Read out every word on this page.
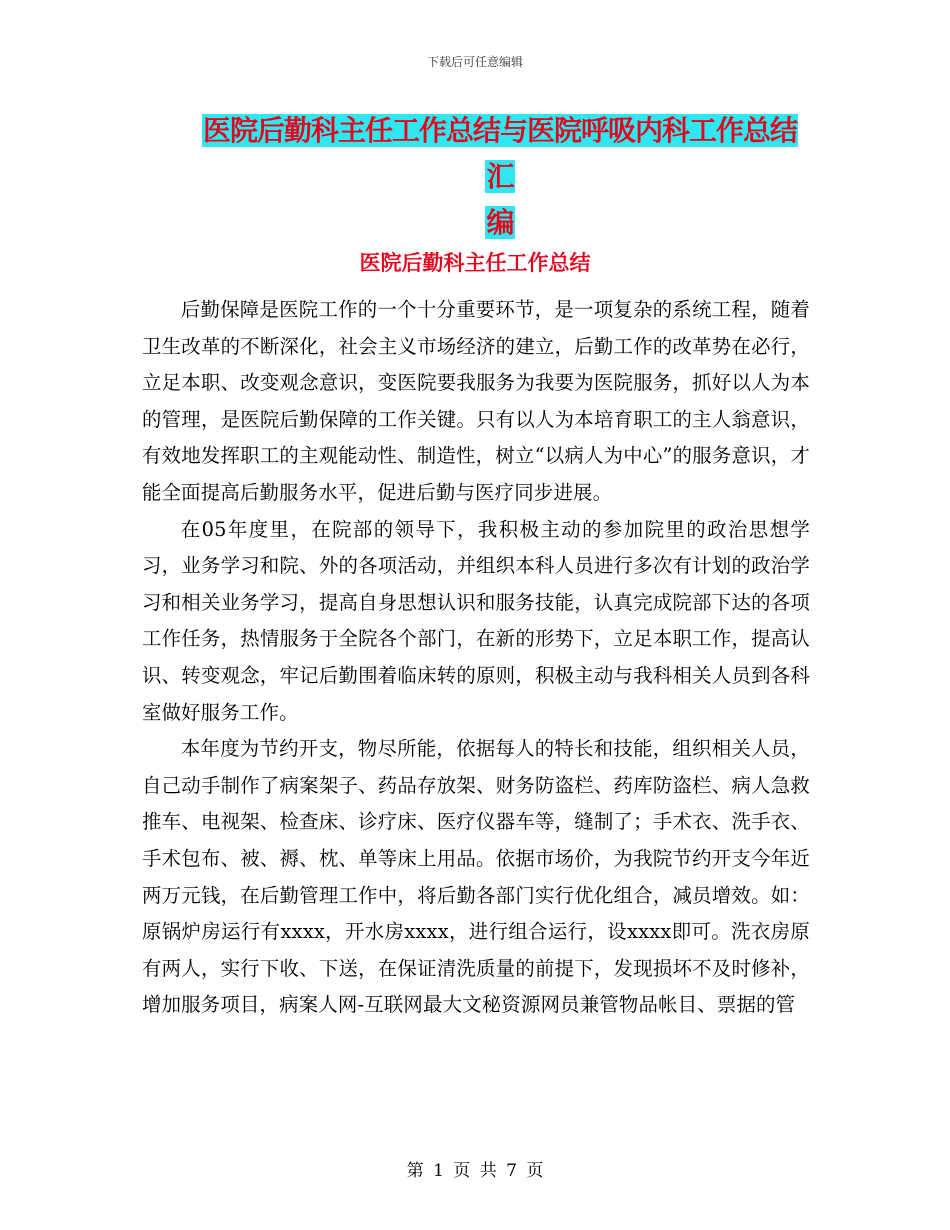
下载后可任意编辑
医院后勤科主任工作总结与医院呼吸内科工作总结汇
编
医院后勤科主任工作总结

后勤保障是医院工作的一个十分重要环节，是一项复杂的系统工程，随着卫生改革的不断深化，社会主义市场经济的建立，后勤工作的改革势在必行，立足本职、改变观念意识，变医院要我服务为我要为医院服务，抓好以人为本的管理，是医院后勤保障的工作关键。只有以人为本培育职工的主人翁意识，有效地发挥职工的主观能动性、制造性，树立“以病人为中心”的服务意识，才能全面提高后勤服务水平，促进后勤与医疗同步进展。

在05年度里，在院部的领导下，我积极主动的参加院里的政治思想学习，业务学习和院、外的各项活动，并组织本科人员进行多次有计划的政治学习和相关业务学习，提高自身思想认识和服务技能，认真完成院部下达的各项工作任务，热情服务于全院各个部门，在新的形势下，立足本职工作，提高认识、转变观念，牢记后勤围着临床转的原则，积极主动与我科相关人员到各科室做好服务工作。

本年度为节约开支，物尽所能，依据每人的特长和技能，组织相关人员，自己动手制作了病案架子、药品存放架、财务防盗栏、药库防盗栏、病人急救推车、电视架、检查床、诊疗床、医疗仪器车等，缝制了；手术衣、洗手衣、手术包布、被、褥、枕、单等床上用品。依据市场价，为我院节约开支今年近两万元钱，在后勤管理工作中，将后勤各部门实行优化组合，减员增效。如：原锅炉房运行有xxxx，开水房xxxx，进行组合运行，设xxxx即可。洗衣房原有两人，实行下收、下送，在保证清洗质量的前提下，发现损坏不及时修补，增加服务项目，病案人网-互联网最大文秘资源网员兼管物品帐目、票据的管

第 1 页 共 7 页
